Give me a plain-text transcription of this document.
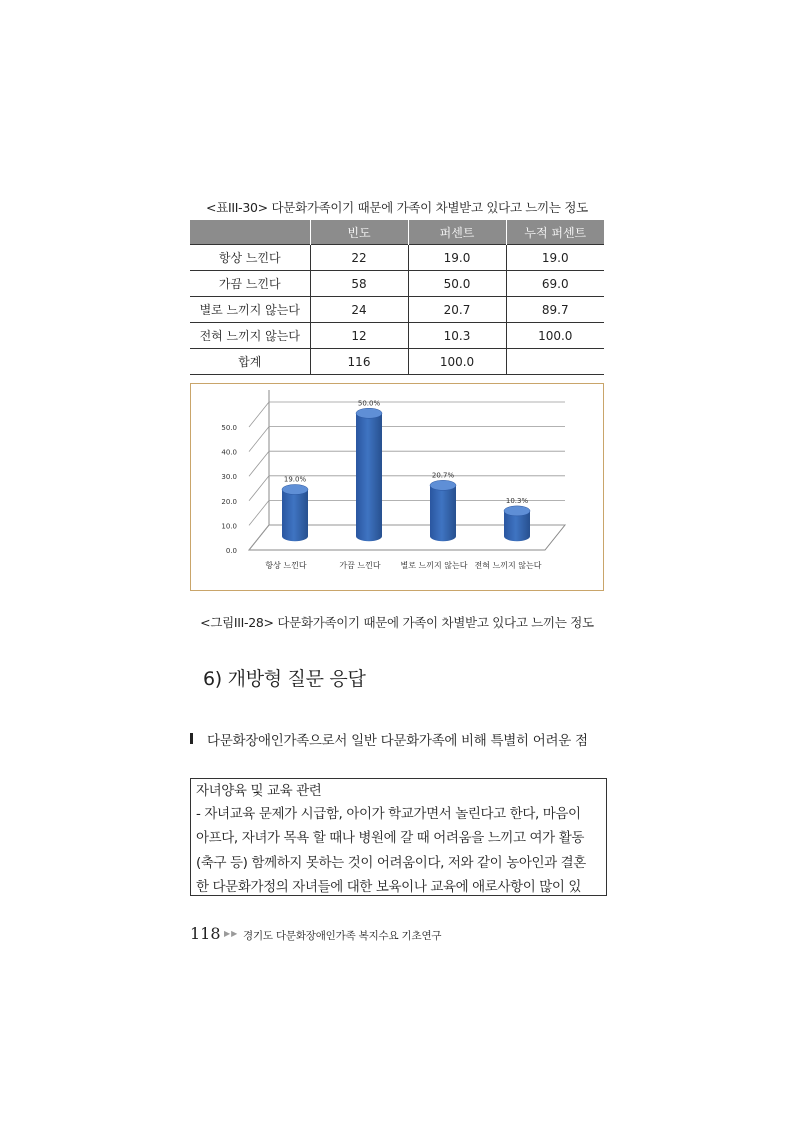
<표III-30> 다문화가족이기 때문에 가족이 차별받고 있다고 느끼는 정도
	빈도	퍼센트	누적 퍼센트
항상 느낀다	22	19.0	19.0
가끔 느낀다	58	50.0	69.0
별로 느끼지 않는다	24	20.7	89.7
전혀 느끼지 않는다	12	10.3	100.0
합계	116	100.0	
0.0
10.0
20.0
30.0
40.0
50.0
19.0%
항상 느낀다
50.0%
가끔 느낀다
20.7%
별로 느끼지 않는다
10.3%
전혀 느끼지 않는다
<그림III-28> 다문화가족이기 때문에 가족이 차별받고 있다고 느끼는 정도
6) 개방형 질문 응답
다문화장애인가족으로서 일반 다문화가족에 비해 특별히 어려운 점
자녀양육 및 교육 관련
- 자녀교육 문제가 시급함, 아이가 학교가면서 놀린다고 한다, 마음이
아프다, 자녀가 목욕 할 때나 병원에 갈 때 어려움을 느끼고 여가 활동
(축구 등) 함께하지 못하는 것이 어려움이다, 저와 같이 농아인과 결혼
한 다문화가정의 자녀들에 대한 보육이나 교육에 애로사항이 많이 있
118 ▶▶ 경기도 다문화장애인가족 복지수요 기초연구
